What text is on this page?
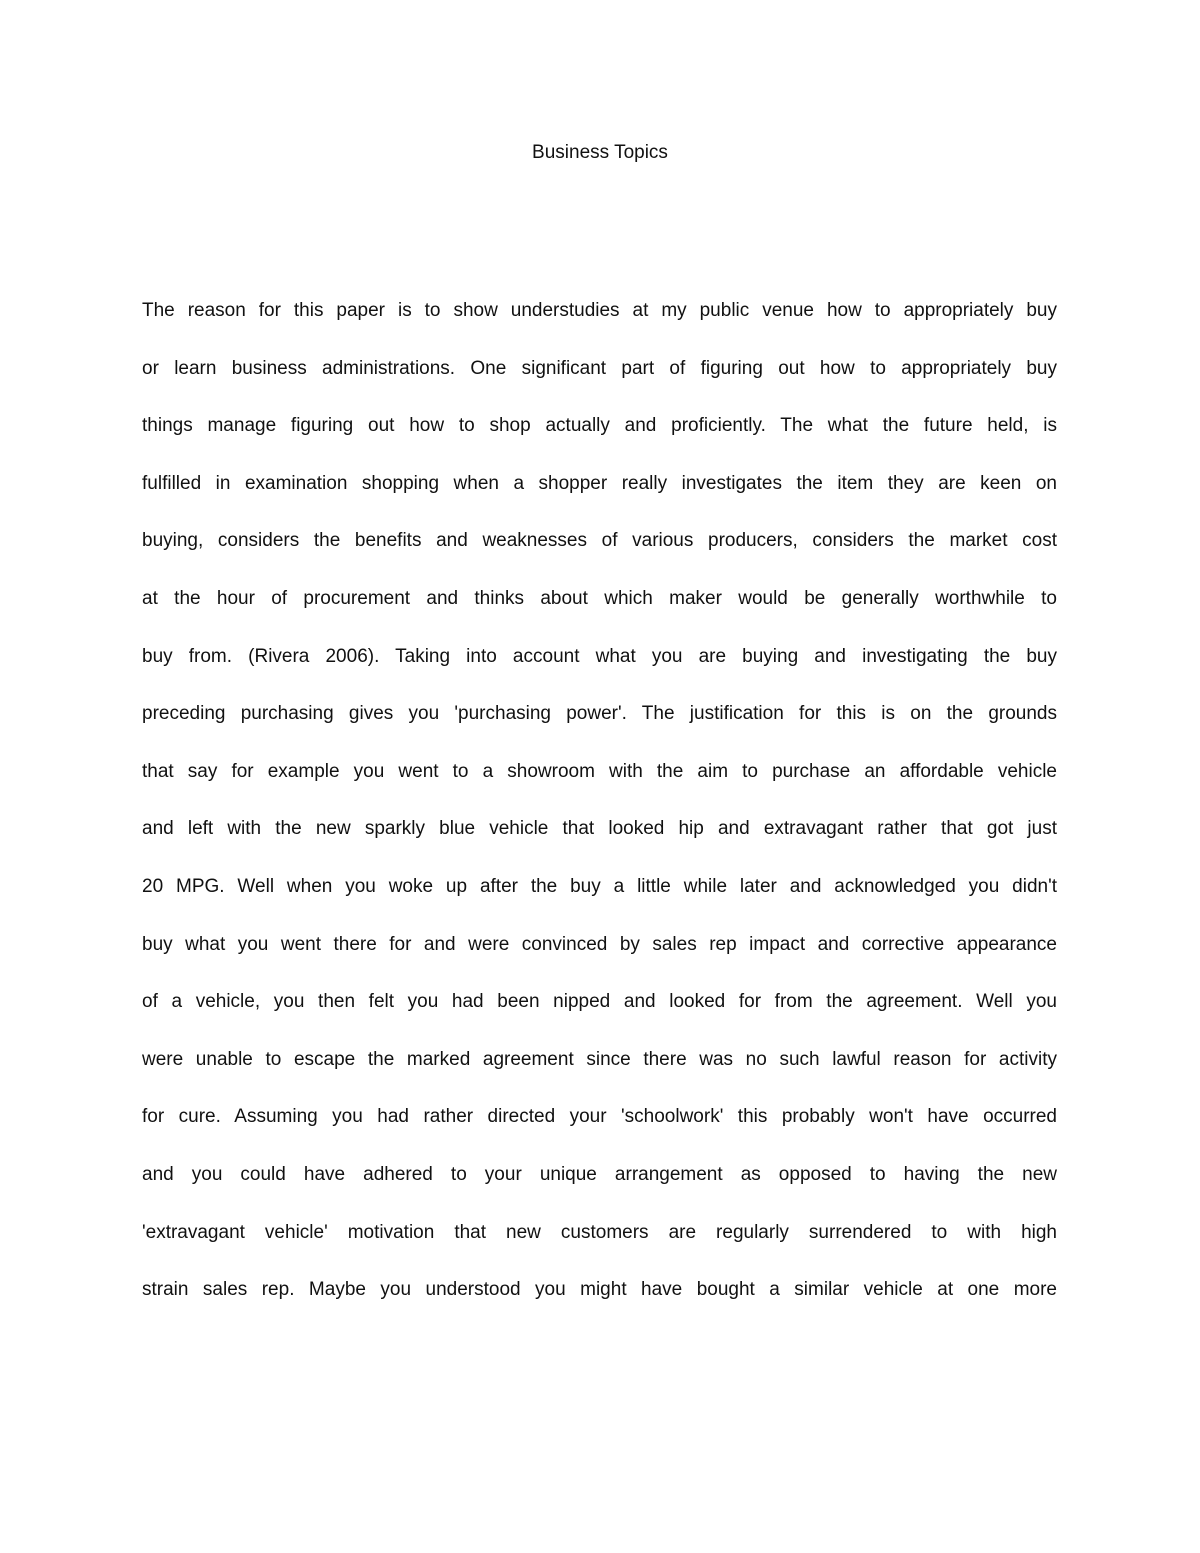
Business Topics
The reason for this paper is to show understudies at my public venue how to appropriately buy
or learn business administrations. One significant part of figuring out how to appropriately buy
things manage figuring out how to shop actually and proficiently. The what the future held, is
fulfilled in examination shopping when a shopper really investigates the item they are keen on
buying, considers the benefits and weaknesses of various producers, considers the market cost
at the hour of procurement and thinks about which maker would be generally worthwhile to
buy from. (Rivera 2006). Taking into account what you are buying and investigating the buy
preceding purchasing gives you 'purchasing power'. The justification for this is on the grounds
that say for example you went to a showroom with the aim to purchase an affordable vehicle
and left with the new sparkly blue vehicle that looked hip and extravagant rather that got just
20 MPG. Well when you woke up after the buy a little while later and acknowledged you didn't
buy what you went there for and were convinced by sales rep impact and corrective appearance
of a vehicle, you then felt you had been nipped and looked for from the agreement. Well you
were unable to escape the marked agreement since there was no such lawful reason for activity
for cure. Assuming you had rather directed your 'schoolwork' this probably won't have occurred
and you could have adhered to your unique arrangement as opposed to having the new
'extravagant vehicle' motivation that new customers are regularly surrendered to with high
strain sales rep. Maybe you understood you might have bought a similar vehicle at one more
